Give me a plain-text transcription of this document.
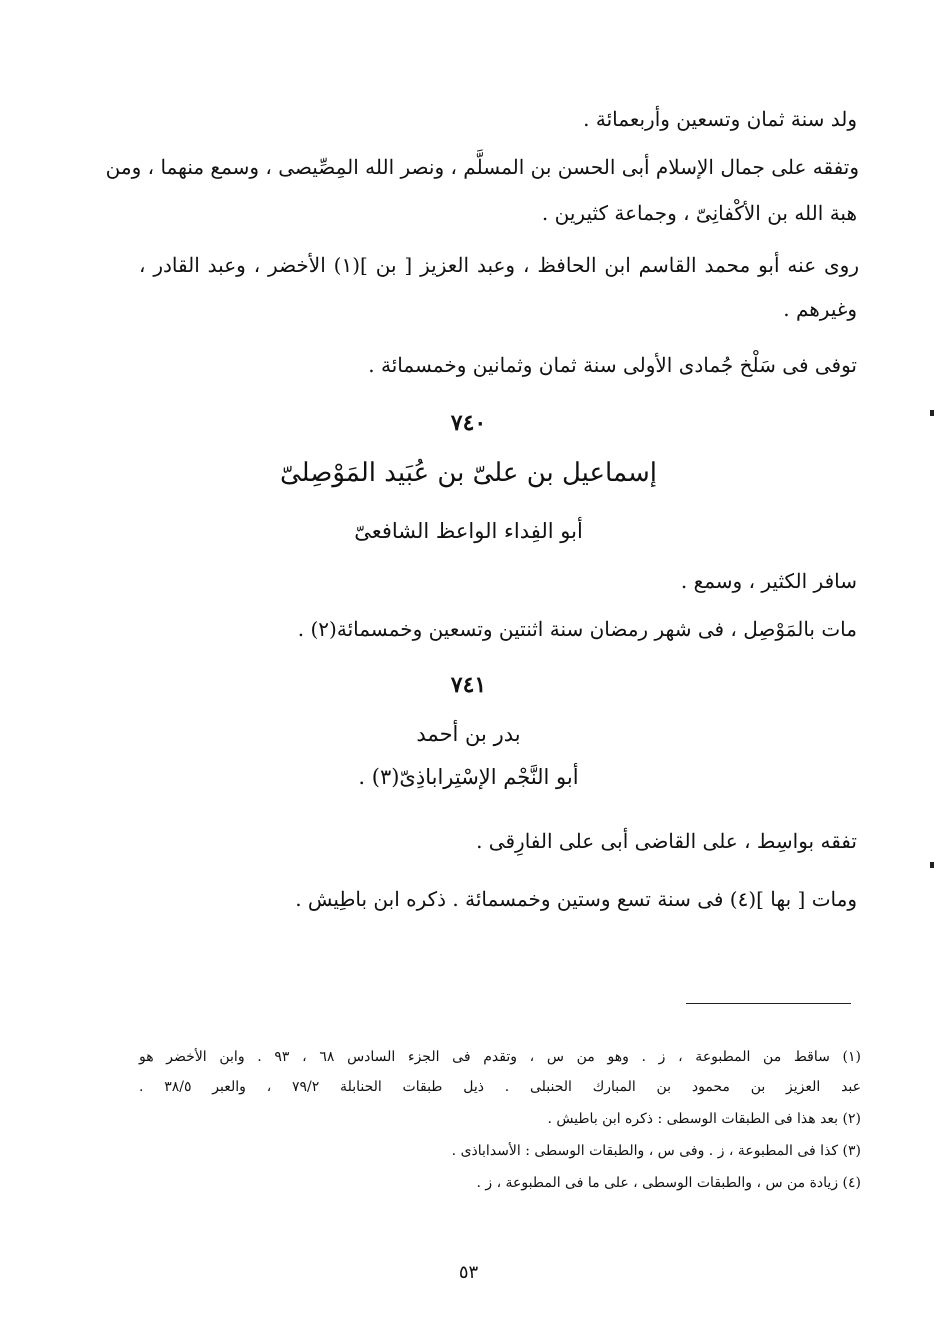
ولد سنة ثمان وتسعين وأربعمائة .
وتفقه على جمال الإسلام أبى الحسن بن المسلَّم ، ونصر الله المِصِّيصى ، وسمع منهما ، ومن
هبة الله بن الأكْفانِىّ ، وجماعة كثيرين .
روى عنه أبو محمد القاسم ابن الحافظ ، وعبد العزيز [ بن ](١) الأخضر ، وعبد القادر ،
وغيرهم .
توفى فى سَلْخ جُمادى الأولى سنة ثمان وثمانين وخمسمائة .
٧٤٠
إسماعيل بن علىّ بن عُبَيد المَوْصِلىّ
أبو الفِداء الواعظ الشافعىّ
سافر الكثير ، وسمع .
مات بالمَوْصِل ، فى شهر رمضان سنة اثنتين وتسعين وخمسمائة(٢) .
٧٤١
بدر بن أحمد
أبو النَّجْم الإسْتِراباذِىّ(٣) .
تفقه بواسِط ، على القاضى أبى على الفارِقى .
ومات [ بها ](٤) فى سنة تسع وستين وخمسمائة . ذكره ابن باطِيش .
(١) ساقط من المطبوعة ، ز . وهو من س ، وتقدم فى الجزء السادس ٦٨ ، ٩٣ . وابن الأخضر هو
عبد العزيز بن محمود بن المبارك الحنبلى . ذيل طبقات الحنابلة ٧٩/٢ ، والعبر ٣٨/٥ .
(٢) بعد هذا فى الطبقات الوسطى : ذكره ابن باطيش .
(٣) كذا فى المطبوعة ، ز . وفى س ، والطبقات الوسطى : الأسداباذى .
(٤) زيادة من س ، والطبقات الوسطى ، على ما فى المطبوعة ، ز .
٥٣
